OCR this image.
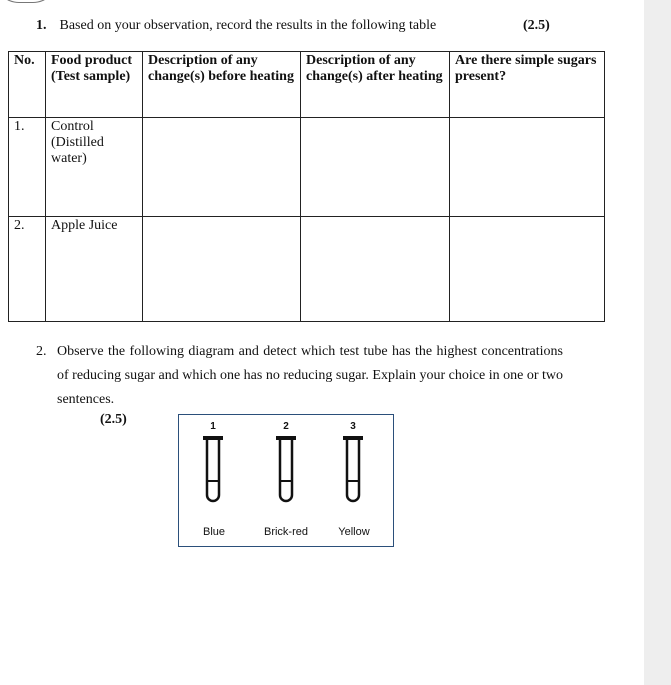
1. Based on your observation, record the results in the following table	(2.5)
No.	Food product (Test sample)	Description of any change(s) before heating	Description of any change(s) after heating	Are there simple sugars present?
1.	Control (Distilled water)			
2.	Apple Juice			
2. Observe the following diagram and detect which test tube has the highest concentrations of reducing sugar and which one has no reducing sugar. Explain your choice in one or two sentences.
(2.5)	1	2	3
Blue	Brick-red	Yellow
